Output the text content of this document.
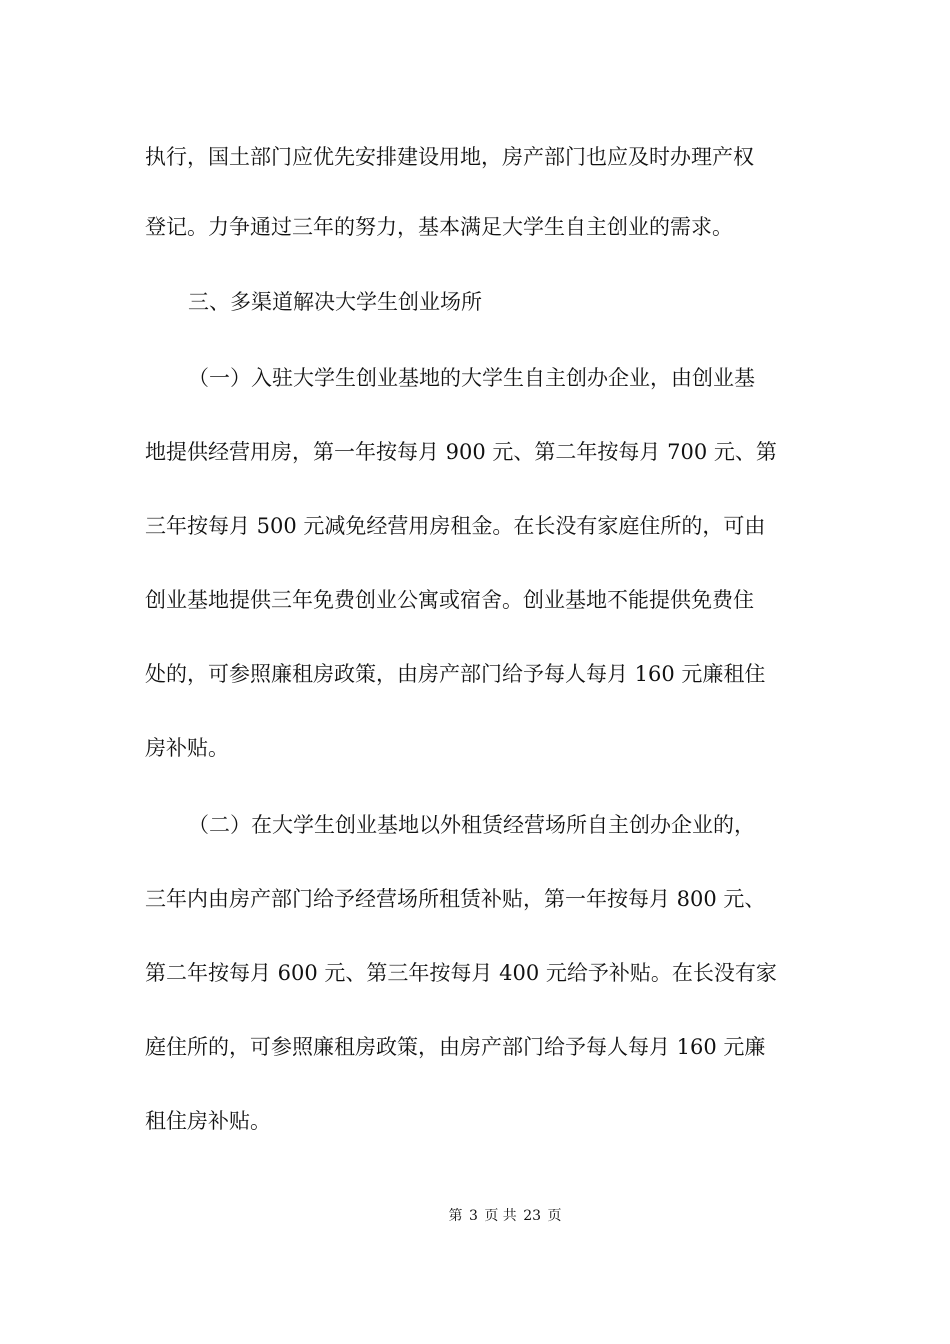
执行，国土部门应优先安排建设用地，房产部门也应及时办理产权
登记。力争通过三年的努力，基本满足大学生自主创业的需求。
三、多渠道解决大学生创业场所
（一）入驻大学生创业基地的大学生自主创办企业，由创业基
地提供经营用房，第一年按每月 900 元、第二年按每月 700 元、第
三年按每月 500 元减免经营用房租金。在长没有家庭住所的，可由
创业基地提供三年免费创业公寓或宿舍。创业基地不能提供免费住
处的，可参照廉租房政策，由房产部门给予每人每月 160 元廉租住
房补贴。
（二）在大学生创业基地以外租赁经营场所自主创办企业的，
三年内由房产部门给予经营场所租赁补贴，第一年按每月 800 元、
第二年按每月 600 元、第三年按每月 400 元给予补贴。在长没有家
庭住所的，可参照廉租房政策，由房产部门给予每人每月 160 元廉
租住房补贴。
第 3 页 共 23 页
